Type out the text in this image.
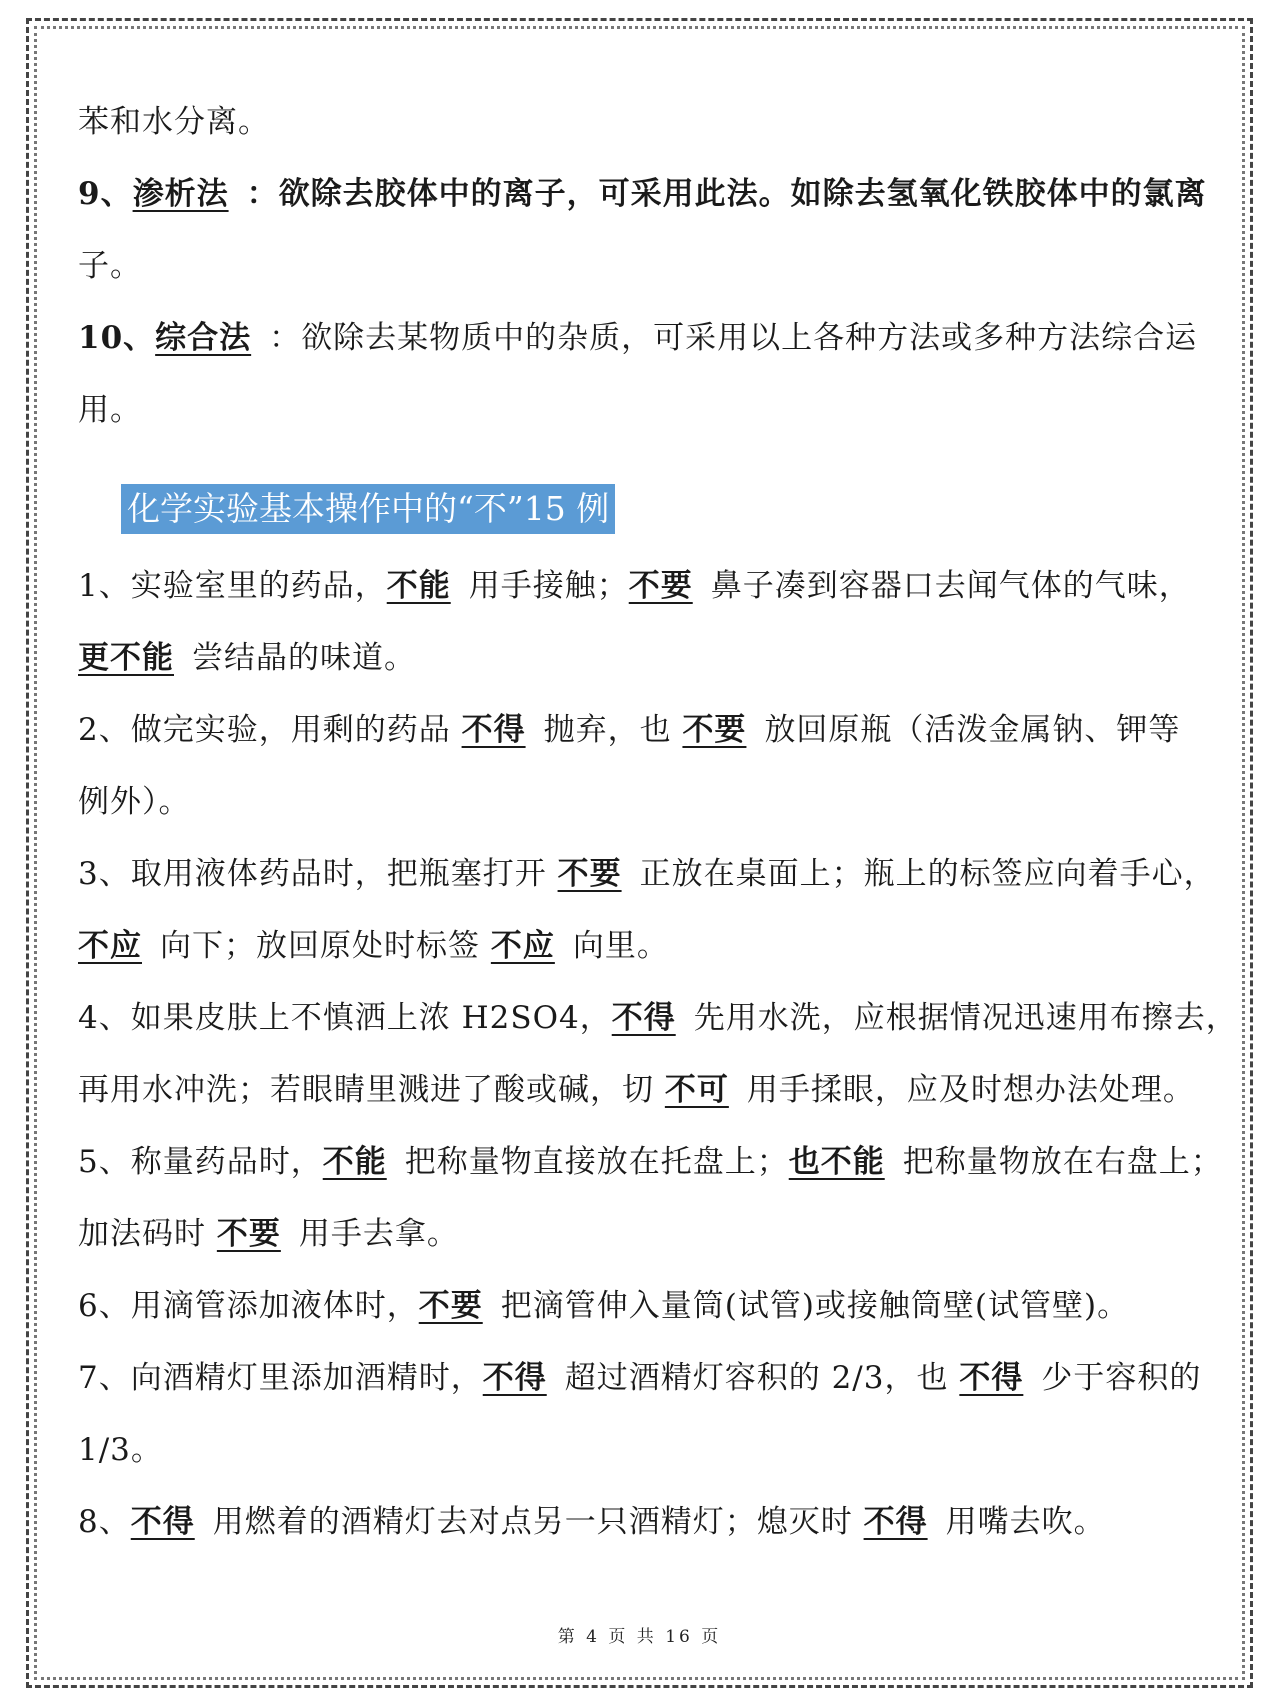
苯和水分离。
9、渗析法 ：欲除去胶体中的离子，可采用此法。如除去氢氧化铁胶体中的氯离
子。
10、综合法 ：欲除去某物质中的杂质，可采用以上各种方法或多种方法综合运
用。
化学实验基本操作中的“不”15 例
1、实验室里的药品，不能 用手接触；不要 鼻子凑到容器口去闻气体的气味，
更不能 尝结晶的味道。
2、做完实验，用剩的药品 不得 抛弃，也 不要 放回原瓶（活泼金属钠、钾等
例外）。
3、取用液体药品时，把瓶塞打开 不要 正放在桌面上；瓶上的标签应向着手心，
不应 向下；放回原处时标签 不应 向里。
4、如果皮肤上不慎洒上浓 H2SO4，不得 先用水洗，应根据情况迅速用布擦去，
再用水冲洗；若眼睛里溅进了酸或碱，切 不可 用手揉眼，应及时想办法处理。
5、称量药品时，不能 把称量物直接放在托盘上；也不能 把称量物放在右盘上；
加法码时 不要 用手去拿。
6、用滴管添加液体时，不要 把滴管伸入量筒(试管)或接触筒壁(试管壁)。
7、向酒精灯里添加酒精时，不得 超过酒精灯容积的 2/3，也 不得 少于容积的
1/3。
8、不得 用燃着的酒精灯去对点另一只酒精灯；熄灭时 不得 用嘴去吹。
第 4 页 共 16 页
